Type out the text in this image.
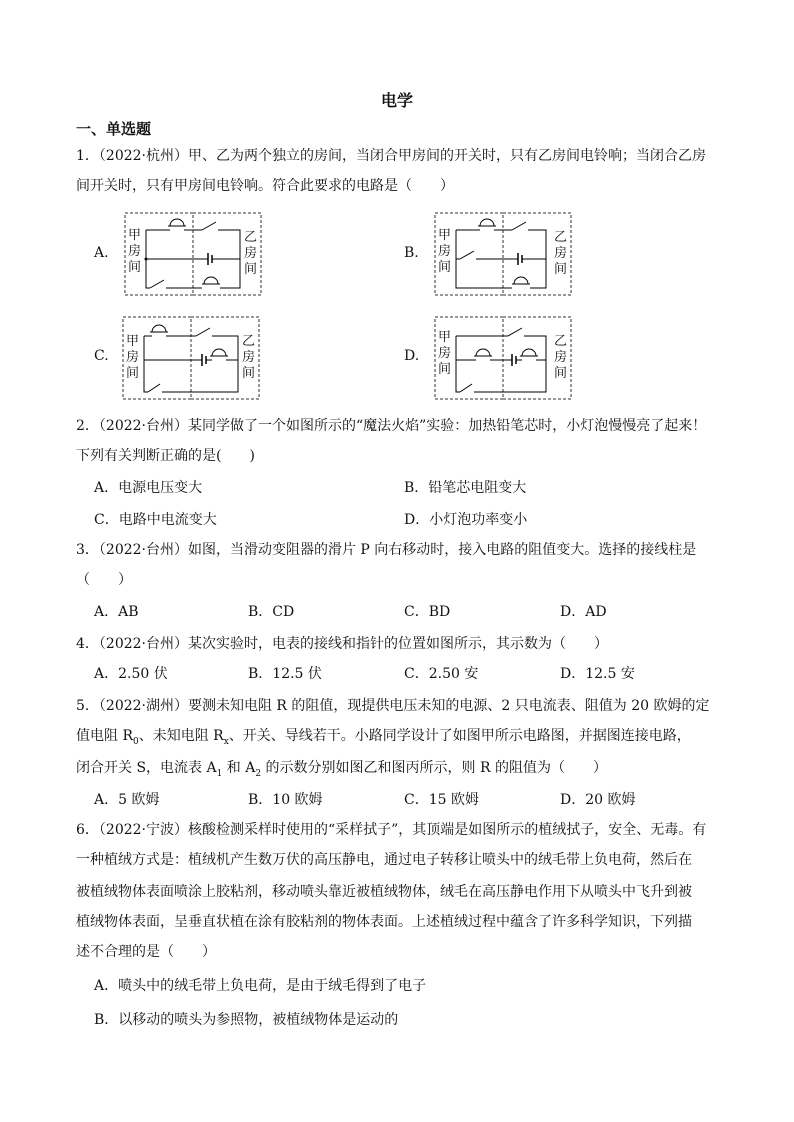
电学
一、单选题
1．（2022·杭州）甲、乙为两个独立的房间，当闭合甲房间的开关时，只有乙房间电铃响；当闭合乙房
间开关时，只有甲房间电铃响。符合此要求的电路是（　　）
A.	B.
C.	D.
甲
房
间
乙
房
间
甲
房
间
乙
房
间
甲
房
间
乙
房
间
甲
房
间
乙
房
间
2．（2022·台州）某同学做了一个如图所示的“魔法火焰”实验：加热铅笔芯时，小灯泡慢慢亮了起来！
下列有关判断正确的是(　　)
A．电源电压变大	B．铅笔芯电阻变大
C．电路中电流变大	D．小灯泡功率变小
3．（2022·台州）如图，当滑动变阻器的滑片 P 向右移动时，接入电路的阻值变大。选择的接线柱是
（　　）
A．AB	B．CD	C．BD	D．AD
4．（2022·台州）某次实验时，电表的接线和指针的位置如图所示，其示数为（　　）
A．2.50 伏	B．12.5 伏	C．2.50 安	D．12.5 安
5．（2022·湖州）要测未知电阻 R 的阻值，现提供电压未知的电源、2 只电流表、阻值为 20 欧姆的定
值电阻 $R_0$、未知电阻 $R_x$、开关、导线若干。小路同学设计了如图甲所示电路图，并据图连接电路，
闭合开关 S，电流表 $A_1$ 和 $A_2$ 的示数分别如图乙和图丙所示，则 R 的阻值为（　　）
A．5 欧姆	B．10 欧姆	C．15 欧姆	D．20 欧姆
6．（2022·宁波）核酸检测采样时使用的“采样拭子”，其顶端是如图所示的植绒拭子，安全、无毒。有
一种植绒方式是：植绒机产生数万伏的高压静电，通过电子转移让喷头中的绒毛带上负电荷，然后在
被植绒物体表面喷涂上胶粘剂，移动喷头靠近被植绒物体，绒毛在高压静电作用下从喷头中飞升到被
植绒物体表面，呈垂直状植在涂有胶粘剂的物体表面。上述植绒过程中蕴含了许多科学知识，下列描
述不合理的是（　　）
A．喷头中的绒毛带上负电荷，是由于绒毛得到了电子
B．以移动的喷头为参照物，被植绒物体是运动的
